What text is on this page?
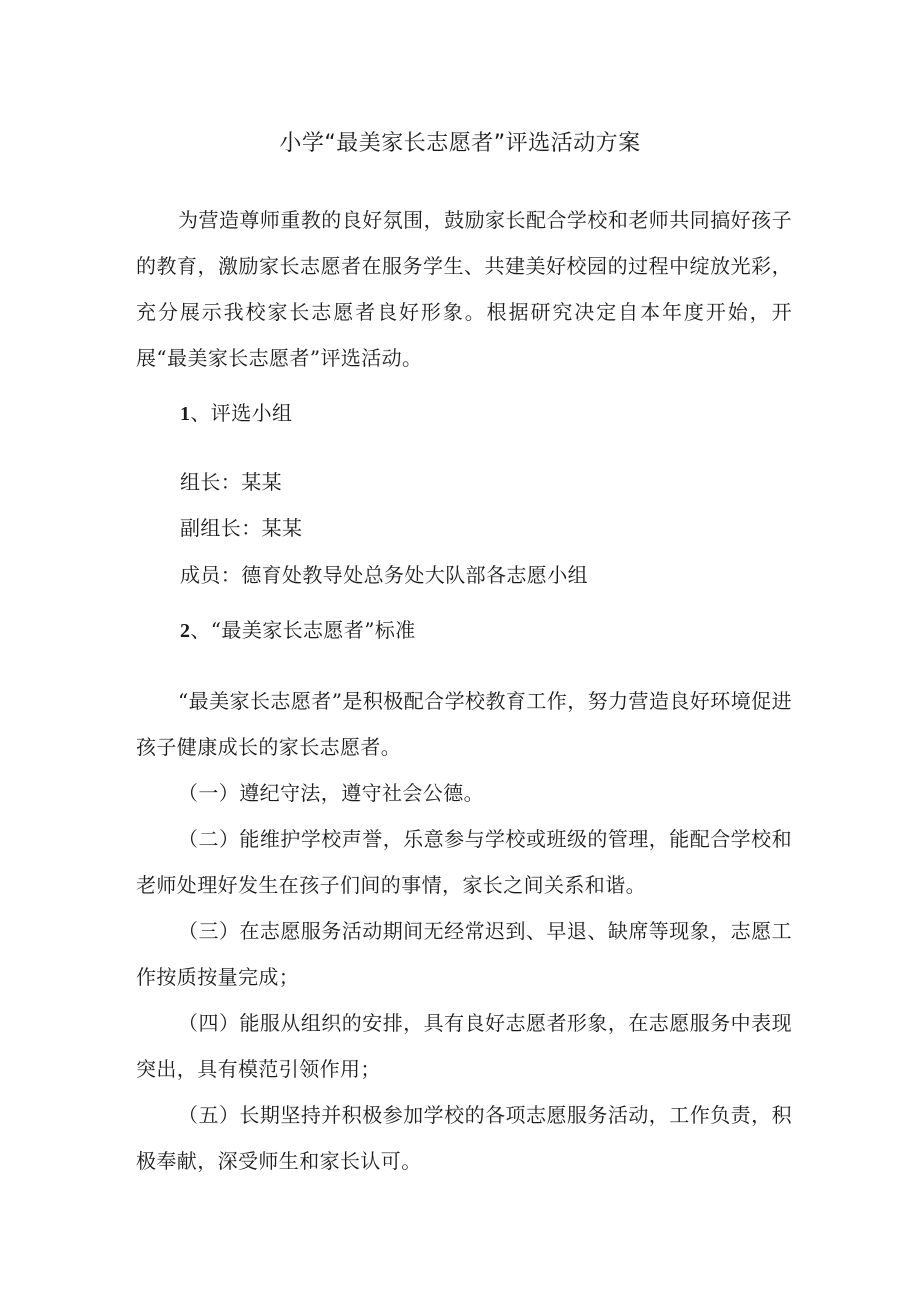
小学“最美家长志愿者”评选活动方案

为营造尊师重教的良好氛围，鼓励家长配合学校和老师共同搞好孩子的教育，激励家长志愿者在服务学生、共建美好校园的过程中绽放光彩，充分展示我校家长志愿者良好形象。根据研究决定自本年度开始，开展“最美家长志愿者”评选活动。

1、评选小组
组长：某某
副组长：某某
成员：德育处教导处总务处大队部各志愿小组
2、“最美家长志愿者”标准

“最美家长志愿者”是积极配合学校教育工作，努力营造良好环境促进孩子健康成长的家长志愿者。

（一）遵纪守法，遵守社会公德。

（二）能维护学校声誉，乐意参与学校或班级的管理，能配合学校和老师处理好发生在孩子们间的事情，家长之间关系和谐。

（三）在志愿服务活动期间无经常迟到、早退、缺席等现象，志愿工作按质按量完成；

（四）能服从组织的安排，具有良好志愿者形象，在志愿服务中表现突出，具有模范引领作用；

（五）长期坚持并积极参加学校的各项志愿服务活动，工作负责，积极奉献，深受师生和家长认可。
